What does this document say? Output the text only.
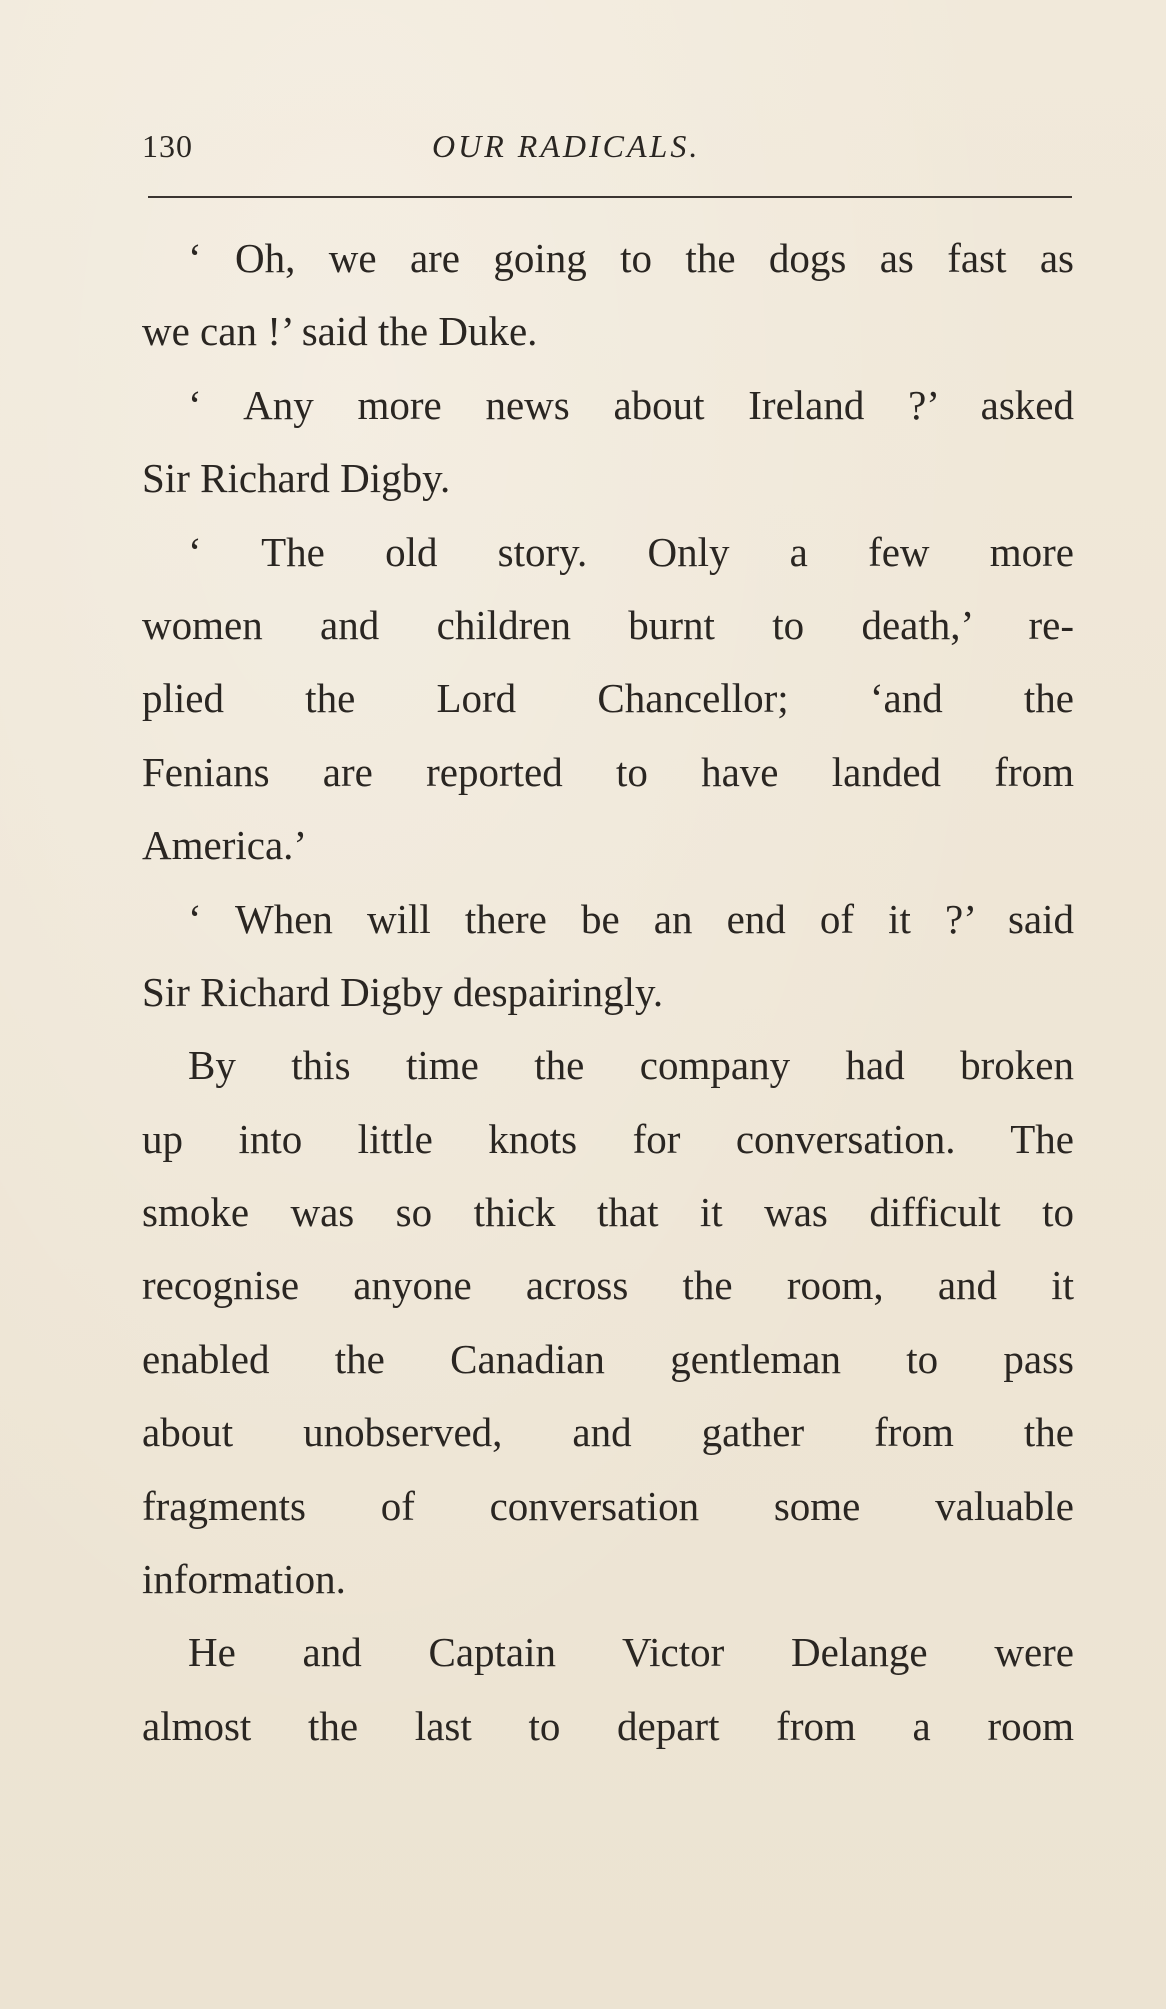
130	OUR RADICALS.
‘ Oh, we are going to the dogs as fast as
we can !’ said the Duke.
‘ Any more news about Ireland ?’ asked
Sir Richard Digby.
‘ The old story. Only a few more
women and children burnt to death,’ re-
plied the Lord Chancellor; ‘and the
Fenians are reported to have landed from
America.’
‘ When will there be an end of it ?’ said
Sir Richard Digby despairingly.
By this time the company had broken
up into little knots for conversation. The
smoke was so thick that it was difficult to
recognise anyone across the room, and it
enabled the Canadian gentleman to pass
about unobserved, and gather from the
fragments of conversation some valuable
information.
He and Captain Victor Delange were
almost the last to depart from a room
